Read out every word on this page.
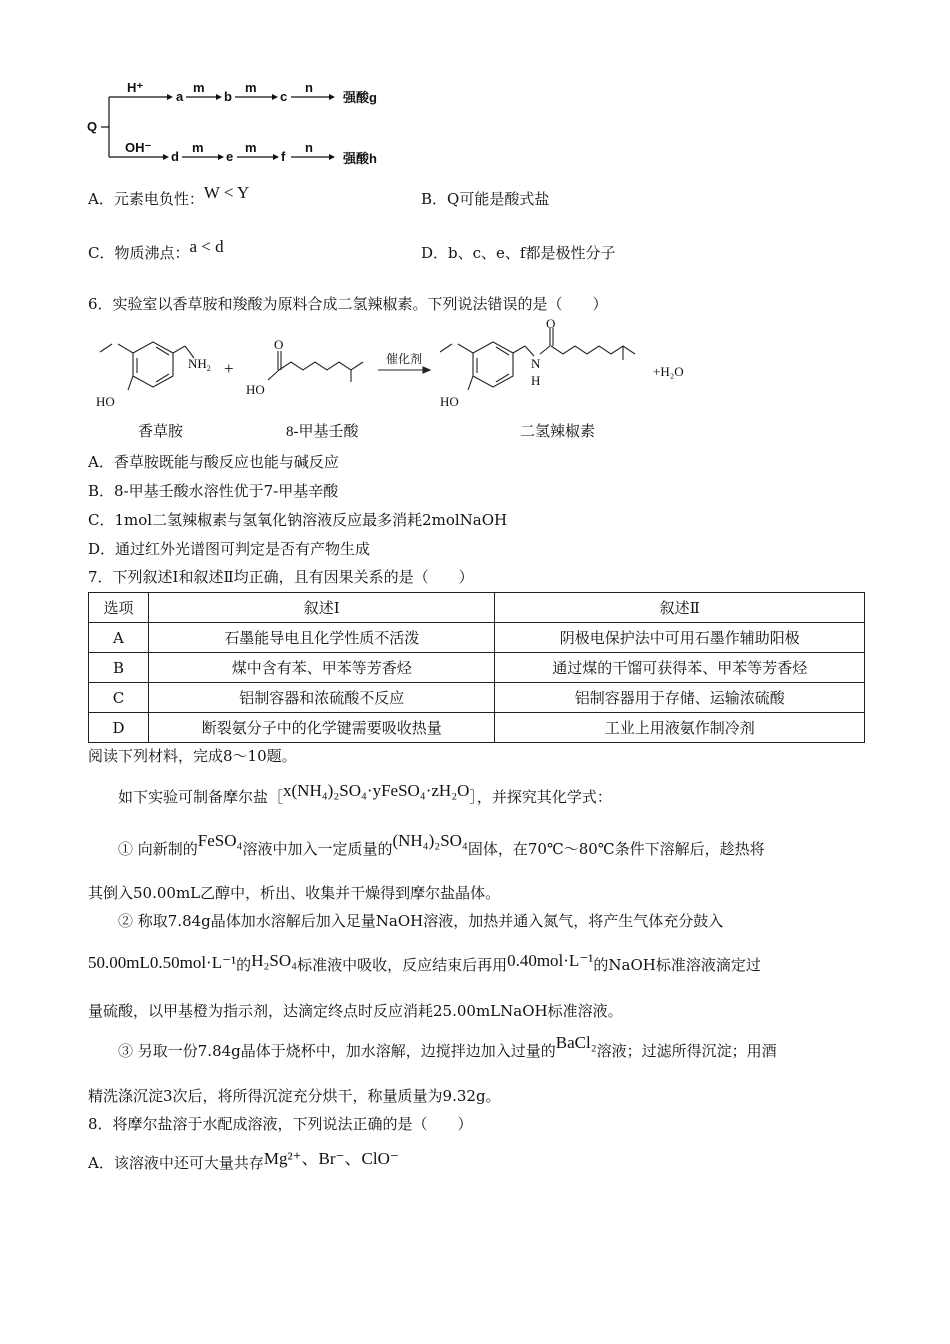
Q
H⁺
a
m
b
m
c
n
强酸g
OH⁻
d
m
e
m
f
n
强酸h
A．元素电负性：W < Y	B．Q可能是酸式盐
C．物质沸点：a < d	D．b、c、e、f都是极性分子
6．实验室以香草胺和羧酸为原料合成二氢辣椒素。下列说法错误的是（　　）
HO
$NH_2$ +
O
HO
催化剂
HO
N
H
O
+H₂O
香草胺	8-甲基壬酸	二氢辣椒素
A．香草胺既能与酸反应也能与碱反应
B．8-甲基壬酸水溶性优于7-甲基辛酸
C．1mol二氢辣椒素与氢氧化钠溶液反应最多消耗2molNaOH
D．通过红外光谱图可判定是否有产物生成
7．下列叙述Ⅰ和叙述Ⅱ均正确，且有因果关系的是（　　）
选项	叙述Ⅰ	叙述Ⅱ
A	石墨能导电且化学性质不活泼	阴极电保护法中可用石墨作辅助阳极
B	煤中含有苯、甲苯等芳香烃	通过煤的干馏可获得苯、甲苯等芳香烃
C	铝制容器和浓硫酸不反应	铝制容器用于存储、运输浓硫酸
D	断裂氨分子中的化学键需要吸收热量	工业上用液氨作制冷剂
阅读下列材料，完成8～10题。
如下实验可制备摩尔盐［x(NH₄)₂SO₄·yFeSO₄·zH₂O］，并探究其化学式：
① 向新制的FeSO₄溶液中加入一定质量的(NH₄)₂SO₄固体，在70℃～80℃条件下溶解后，趁热将
其倒入50.00mL乙醇中，析出、收集并干燥得到摩尔盐晶体。
② 称取7.84g晶体加水溶解后加入足量NaOH溶液，加热并通入氮气，将产生气体充分鼓入
50.00mL0.50mol·L⁻¹的H₂SO₄标准液中吸收，反应结束后再用0.40mol·L⁻¹的NaOH标准溶液滴定过
量硫酸，以甲基橙为指示剂，达滴定终点时反应消耗25.00mLNaOH标准溶液。
③ 另取一份7.84g晶体于烧杯中，加水溶解，边搅拌边加入过量的BaCl₂溶液；过滤所得沉淀；用酒
精洗涤沉淀3次后，将所得沉淀充分烘干，称量质量为9.32g。
8．将摩尔盐溶于水配成溶液，下列说法正确的是（　　）
A．该溶液中还可大量共存Mg²⁺、Br⁻、ClO⁻
